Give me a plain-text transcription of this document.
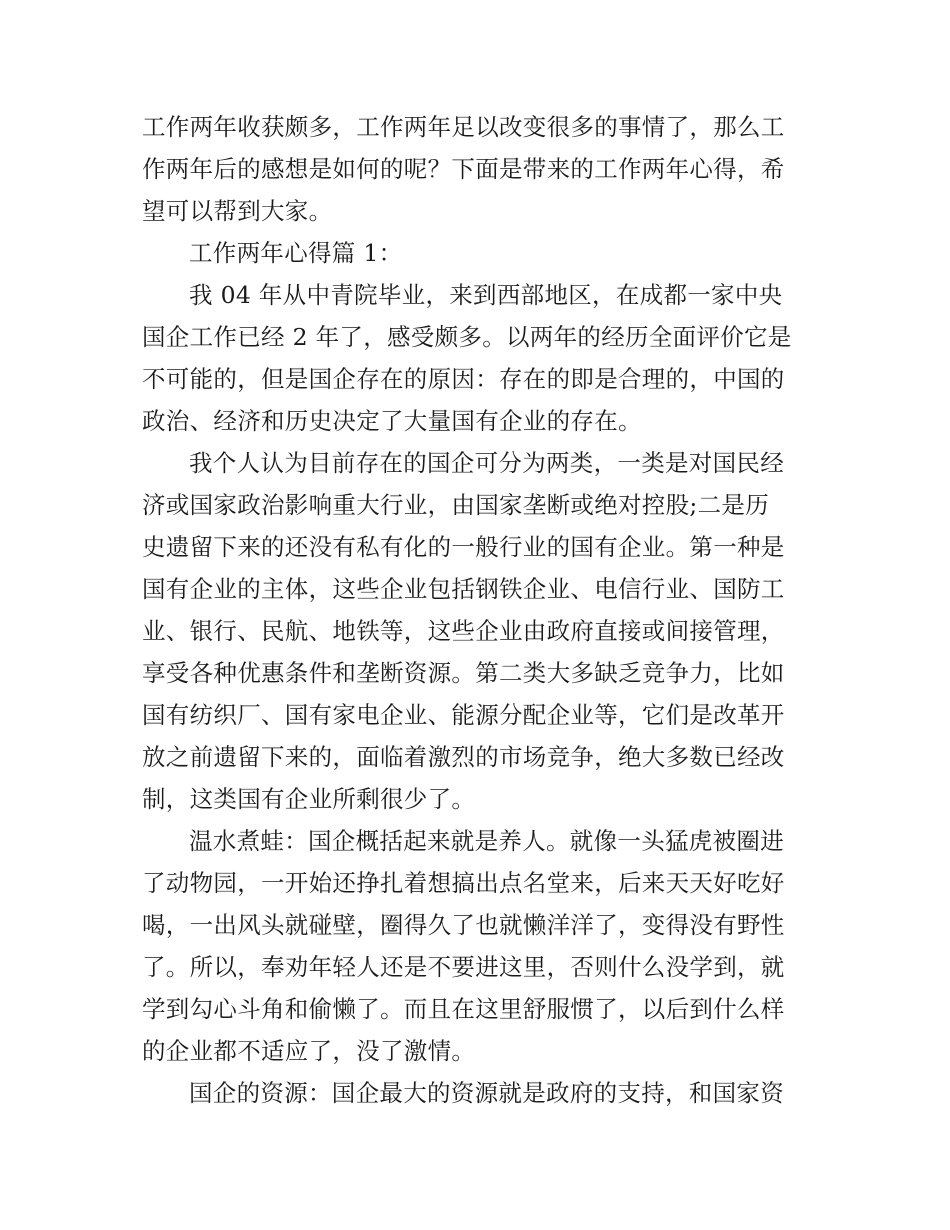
工作两年收获颇多，工作两年足以改变很多的事情了，那么工
作两年后的感想是如何的呢？下面是带来的工作两年心得，希
望可以帮到大家。
工作两年心得篇 1：
我 04 年从中青院毕业，来到西部地区，在成都一家中央
国企工作已经 2 年了，感受颇多。以两年的经历全面评价它是
不可能的，但是国企存在的原因：存在的即是合理的，中国的
政治、经济和历史决定了大量国有企业的存在。
我个人认为目前存在的国企可分为两类，一类是对国民经
济或国家政治影响重大行业，由国家垄断或绝对控股;二是历
史遗留下来的还没有私有化的一般行业的国有企业。第一种是
国有企业的主体，这些企业包括钢铁企业、电信行业、国防工
业、银行、民航、地铁等，这些企业由政府直接或间接管理，
享受各种优惠条件和垄断资源。第二类大多缺乏竞争力，比如
国有纺织厂、国有家电企业、能源分配企业等，它们是改革开
放之前遗留下来的，面临着激烈的市场竞争，绝大多数已经改
制，这类国有企业所剩很少了。
温水煮蛙：国企概括起来就是养人。就像一头猛虎被圈进
了动物园，一开始还挣扎着想搞出点名堂来，后来天天好吃好
喝，一出风头就碰壁，圈得久了也就懒洋洋了，变得没有野性
了。所以，奉劝年轻人还是不要进这里，否则什么没学到，就
学到勾心斗角和偷懒了。而且在这里舒服惯了，以后到什么样
的企业都不适应了，没了激情。
国企的资源：国企最大的资源就是政府的支持，和国家资
